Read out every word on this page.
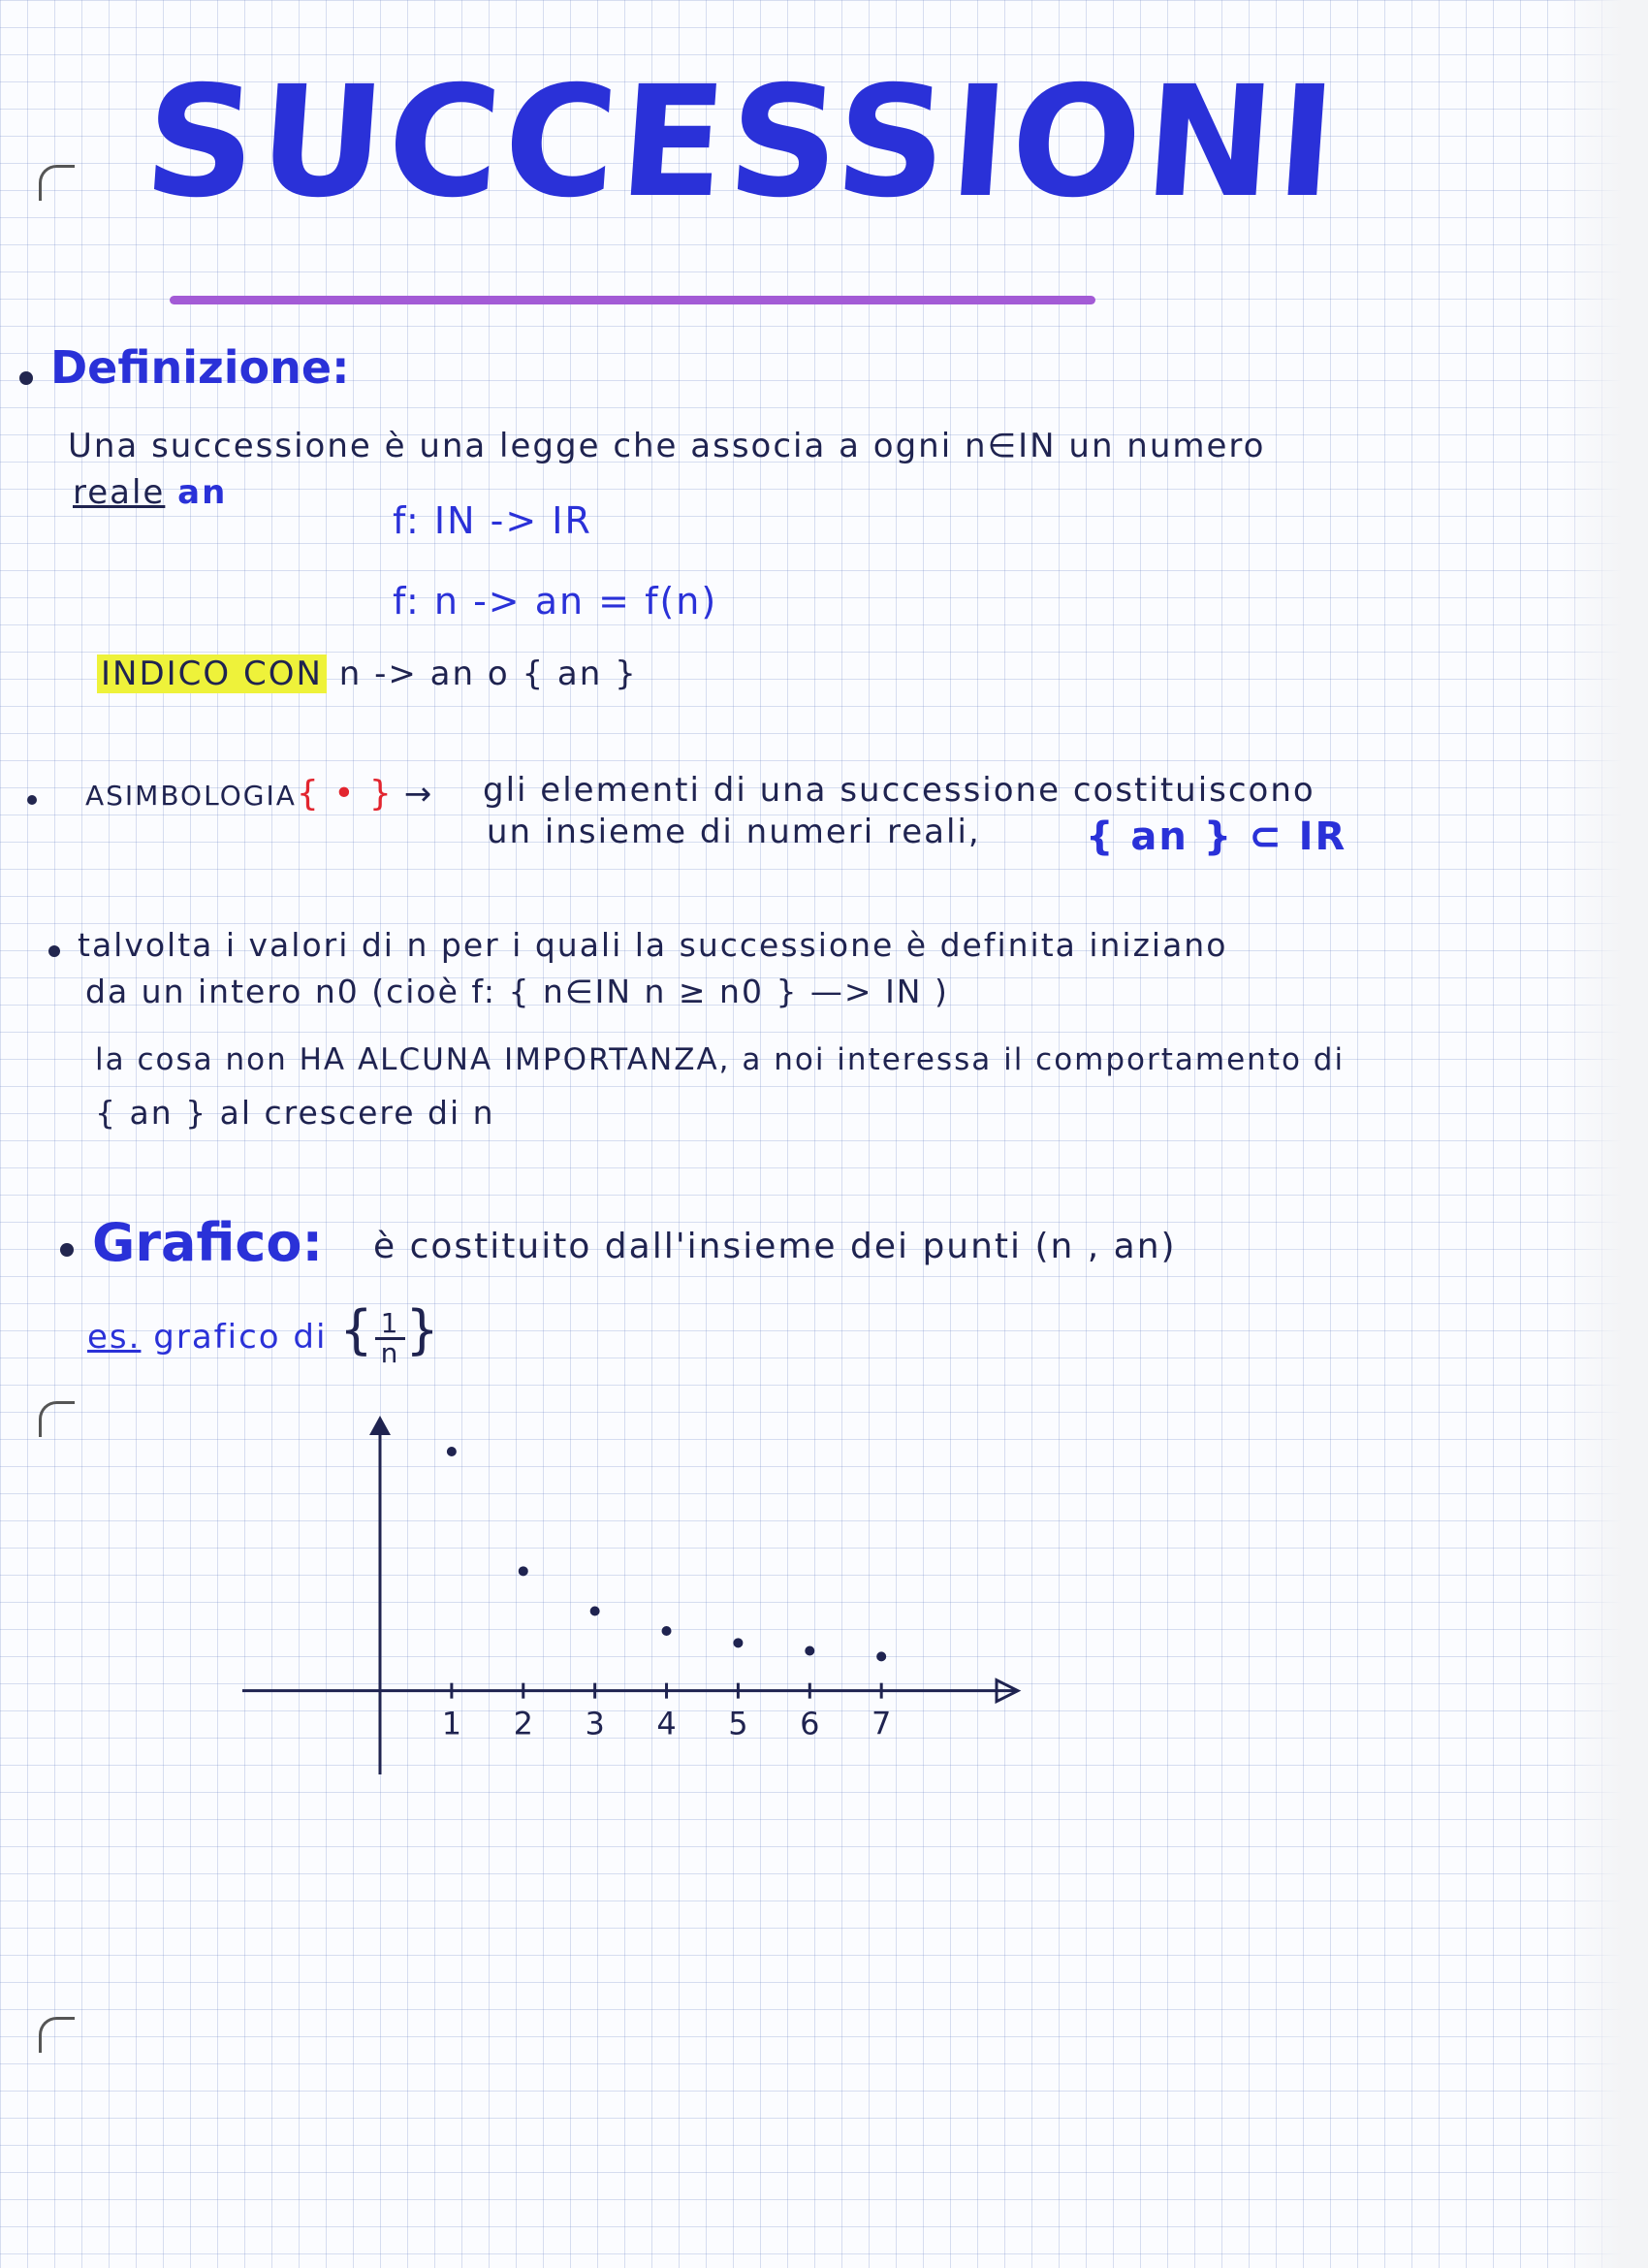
SUCCESSIONI
Definizione:
Una successione è una legge che associa a ogni n∈IN un numero
reale an
f: IN -> IR
f: n -> an = f(n)
INDICO CON n -> an o { an }
ASIMBOLOGIA{ • } → gli elementi di una successione costituiscono
un insieme di numeri reali,	{ an } ⊂ IR
talvolta i valori di n per i quali la successione è definita iniziano
da un intero n0 (cioè f: { n∈IN n ≥ n0 } —> IN )
la cosa non HA ALCUNA IMPORTANZA, a noi interessa il comportamento di
{ an } al crescere di n
Grafico: è costituito dall'insieme dei punti (n , an)
es. grafico di { $\frac{1}{n}$ }
1 2 3 4 5 6 7
